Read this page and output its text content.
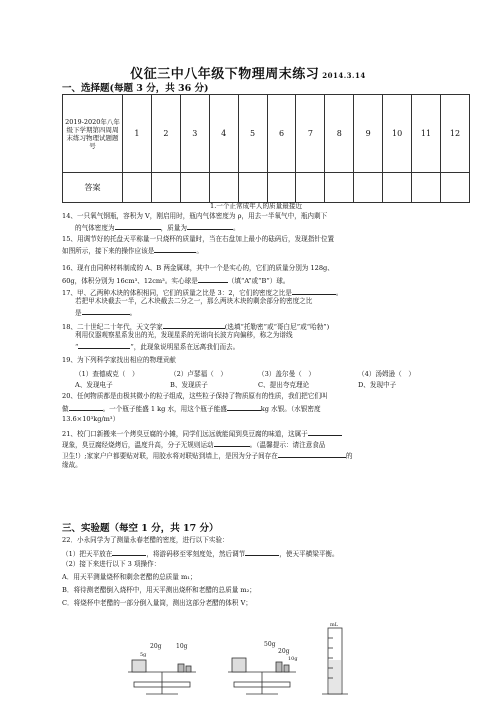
仪征三中八年级下物理周末练习 2014.3.14
一、选择题(每题 3 分，共 36 分)
2019-2020年八年级下学期第四周周末练习物理试题题号	1	2	3	4	5	6	7	8	9	10	11	12
答案												
1.一个正常成年人的质量最接近
14、一只氧气钢瓶，容积为 V，刚启用时，瓶内气体密度为 ρ，用去一半氧气中，瓶内剩下
的气体密度为	，质量为	。
15、用调节好的托盘天平称量一只烧杯的质量时，当在右盘加上最小的砝码后，发现指针位置
如图所示，接下来的操作应该是	。
16、现有由同种材料制成的 A、B 两金属球，其中一个是实心的，它们的质量分别为 128g、
60g，体积分别为 16cm³、12cm³。实心球是	（填“A”或“B”）球。
17、甲、乙两种木块的体积相同，它们的质量之比是 3：2，它们的密度之比是	。
若把甲木块截去一半，乙木块截去二分之一，那么两块木块的剩余部分的密度之比
是	。
18、二十世纪二十年代，天文学家	(选填“托勒密”或“哥白尼”或“哈勃”)
利用仪器观察星系发出的光，发现星系的光谱向长波方向偏移，称之为谱线
“	”，此现象说明星系在远离我们而去。
19、为下列科学家找出相应的物理贡献
（1）查德威克（　）	（2）卢瑟福（　）	（3）盖尔曼（　）	（4）汤姆逊（　）
A、发现电子	B、发现质子	C、提出夸克理论	D、发现中子
20、任何物质都是由极其微小的粒子组成，这些粒子保持了物质原有的性质，我们把它们叫
做	。一个瓶子能盛 1 kg 水，用这个瓶子能盛	kg 水银。（水银密度
13.6×10³kg/m³）
21、校门口新搬来一个烤臭豆腐的小摊，同学们远远就能闻到臭豆腐的味道，这属于
现象，臭豆腐经烧烤后，温度升高，分子无规则运动	。（温馨提示：请注意食品
卫生!）;家家户户都要贴对联，用胶水将对联贴到墙上，是因为分子间存在	的
缘故。
三、实验题（每空 1 分，共 17 分）
22．小永同学为了测量永春老醋的密度，进行以下实验：
（1）把天平放在	，将游码移至零刻度处，然后调节	，使天平横梁平衡。
（2）接下来进行以下 3 项操作：
A．用天平测量烧杯和剩余老醋的总质量 m₁；
B．将待测老醋倒入烧杯中，用天平测出烧杯和老醋的总质量 m₂；
C．将烧杯中老醋的一部分倒入量筒，测出这部分老醋的体积 V；
20g 10g
5g
50g
20g
10g
mL
